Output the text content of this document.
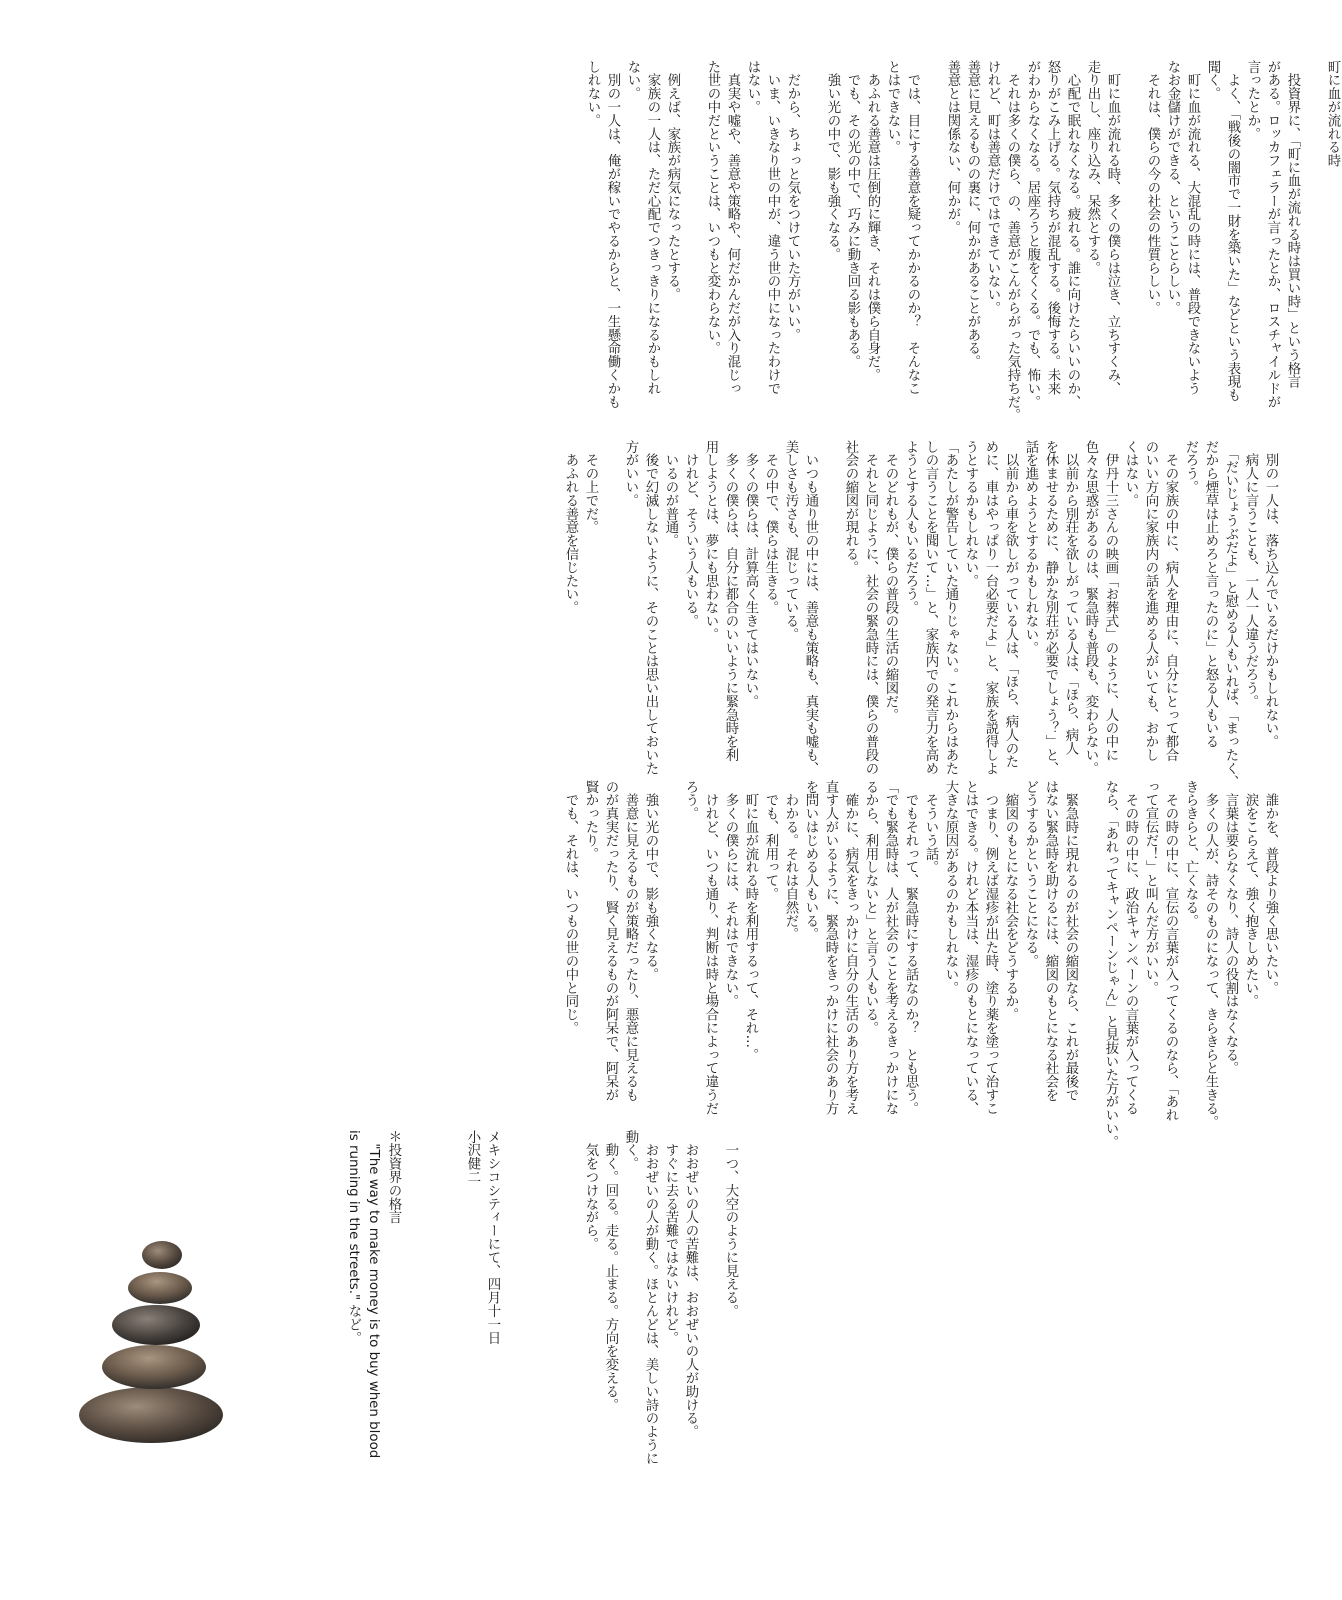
町に血が流れる時

　投資界に、「町に血が流れる時は買い時」という格言
がある。ロッカフェラーが言ったとか、ロスチャイルドが
言ったとか。
　よく、「戦後の闇市で一財を築いた」などという表現も
聞く。
　町に血が流れる、大混乱の時には、普段できないよう
なお金儲けができる、ということらしい。
　それは、僕らの今の社会の性質らしい。

　町に血が流れる時、多くの僕らは泣き、立ちすくみ、
走り出し、座り込み、呆然とする。
　心配で眠れなくなる。疲れる。誰に向けたらいいのか、
怒りがこみ上げる。気持ちが混乱する。後悔する。未来
がわからなくなる。居座ろうと腹をくくる。でも、怖い。
　それは多くの僕ら、の、善意がこんがらがった気持ちだ。
けれど、町は善意だけではできていない。
善意に見えるものの裏に、何かがあることがある。
善意とは関係ない、何かが。

　では、目にする善意を疑ってかかるのか？　そんなこ
とはできない。
　あふれる善意は圧倒的に輝き、それは僕ら自身だ。
　でも、その光の中で、巧みに動き回る影もある。
　強い光の中で、影も強くなる。

　だから、ちょっと気をつけていた方がいい。
　いま、いきなり世の中が、違う世の中になったわけで
はない。
　真実や嘘や、善意や策略や、何だかんだが入り混じっ
た世の中だということは、いつもと変わらない。

　例えば、家族が病気になったとする。
　家族の一人は、ただ心配でつきっきりになるかもしれ
ない。
　別の一人は、俺が稼いでやるからと、一生懸命働くかも
しれない。
　別の一人は、落ち込んでいるだけかもしれない。
　病人に言うことも、一人一人違うだろう。
　「だいじょうぶだよ」と慰める人もいれば、「まったく、
だから煙草は止めろと言ったのに」と怒る人もいる
だろう。
　その家族の中に、病人を理由に、自分にとって都合
のいい方向に家族内の話を進める人がいても、おかし
くはない。
　伊丹十三さんの映画「お葬式」のように、人の中に
色々な思惑があるのは、緊急時も普段も、変わらない。
　以前から別荘を欲しがっている人は、「ほら、病人
を休ませるために、静かな別荘が必要でしょう？」と、
話を進めようとするかもしれない。
　以前から車を欲しがっている人は、「ほら、病人のた
めに、車はやっぱり一台必要だよ」と、家族を説得しよ
うとするかもしれない。
「あたしが警告していた通りじゃない。これからはあた
しの言うことを聞いて…」と、家族内での発言力を高め
ようとする人もいるだろう。
　そのどれもが、僕らの普段の生活の縮図だ。
　それと同じように、社会の緊急時には、僕らの普段の
社会の縮図が現れる。

　いつも通り世の中には、善意も策略も、真実も嘘も、
美しさも汚さも、混じっている。
　その中で、僕らは生きる。
　多くの僕らは、計算高く生きてはいない。
　多くの僕らは、自分に都合のいいように緊急時を利
用しようとは、夢にも思わない。
　けれど、そういう人もいる。
　いるのが普通。
　後で幻滅しないように、そのことは思い出しておいた
方がいい。

　その上でだ。
　あふれる善意を信じたい。
　誰かを、普段より強く思いたい。
　涙をこらえて、強く抱きしめたい。
　言葉は要らなくなり、詩人の役割はなくなる。
　多くの人が、詩そのものになって、きらきらと生きる。
きらきらと、亡くなる。
　その時の中に、宣伝の言葉が入ってくるのなら、「あれ
って宣伝だ！」と叫んだ方がいい。
　その時の中に、政治キャンペーンの言葉が入ってくる
なら、「あれってキャンペーンじゃん」と見抜いた方がいい。

　緊急時に現れるのが社会の縮図なら、これが最後で
はない緊急時を助けるには、縮図のもとになる社会を
どうするかということになる。
　縮図のもとになる社会をどうするか。
　つまり、例えば湿疹が出た時、塗り薬を塗って治すこ
とはできる。けれど本当は、湿疹のもとになっている、
大きな原因があるのかもしれない。
　そういう話。
　でもそれって、緊急時にする話なのか？　とも思う。
「でも緊急時は、人が社会のことを考えるきっかけにな
るから、利用しないと」と言う人もいる。
　確かに、病気をきっかけに自分の生活のあり方を考え
直す人がいるように、緊急時をきっかけに社会のあり方
を問いはじめる人もいる。
　わかる。それは自然だ。
　でも、利用って。
　町に血が流れる時を利用するって、それ…。
　多くの僕らには、それはできない。
　けれど、いつも通り、判断は時と場合によって違うだ
ろう。

　強い光の中で、影も強くなる。
　善意に見えるものが策略だったり、悪意に見えるも
のが真実だったり、賢く見えるものが阿呆で、阿呆が
賢かったり。
　でも、それは、いつもの世の中と同じ。
　一つ、大空のように見える。

　おおぜいの人の苦難は、おおぜいの人が助ける。
　すぐに去る苦難ではないけれど。
　おおぜいの人が動く。ほとんどは、美しい詩のように
動く。
　動く。回る。走る。止まる。方向を変える。
　気をつけながら。
メキシコシティーにて、四月十一日
小沢健二
＊投資界の格言
　"The way to make money is to buy when blood
is running in the streets." など。
